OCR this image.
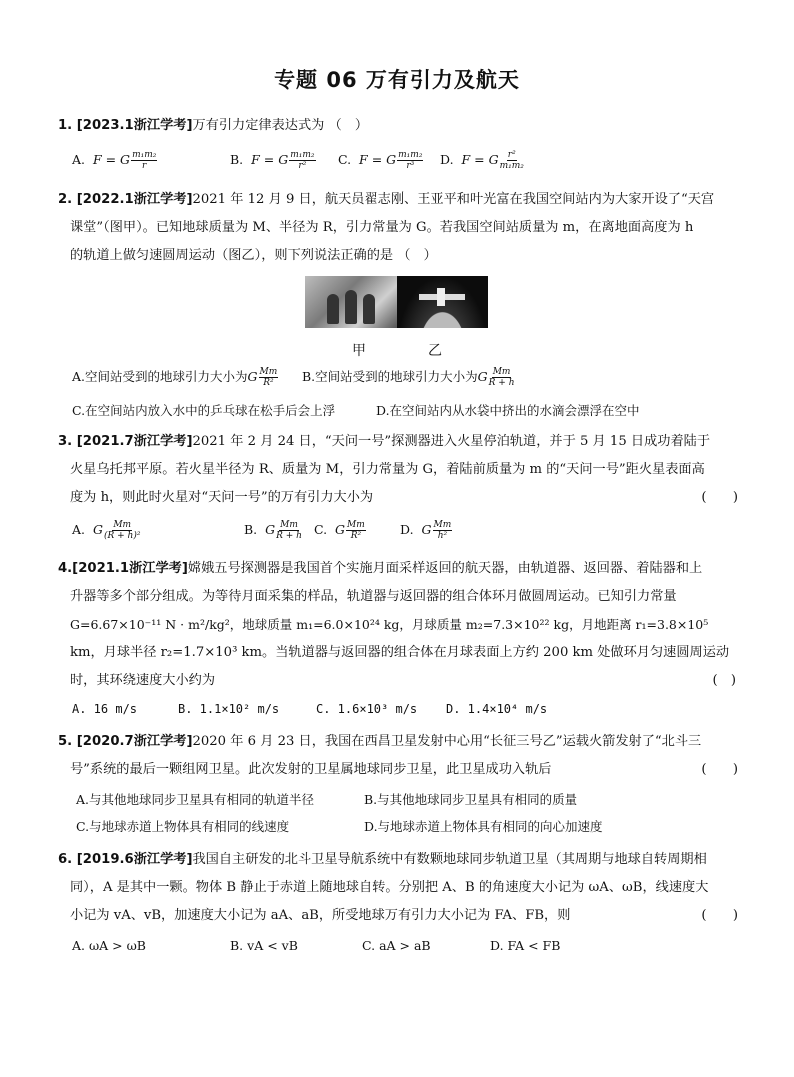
专题 06 万有引力及航天
1. [2023.1浙江学考]万有引力定律表达式为 （　）
A. F = G $\frac{\text{m₁m₂}}{r}$	B. F = G $\frac{\text{m₁m₂}}{\text{r²}} C$. F = G $\frac{\text{m₁m₂}}{\text{r³}} D$. F = G $\frac{\text{r²}}{\text{m₁m₂}}$
2. [2022.1浙江学考]2021 年 12 月 9 日，航天员翟志刚、王亚平和叶光富在我国空间站内为大家开设了“天宫
课堂”（图甲）。已知地球质量为 M、半径为 R，引力常量为 G。若我国空间站质量为 m，在离地面高度为 h
的轨道上做匀速圆周运动（图乙），则下列说法正确的是 （　）
甲	乙
A.空间站受到的地球引力大小为G $\frac{Mm}{\text{R²}} B$.空间站受到的地球引力大小为G $\frac{Mm}{R + h}$
C.在空间站内放入水中的乒乓球在松手后会上浮	D.在空间站内从水袋中挤出的水滴会漂浮在空中
3. [2021.7浙江学考]2021 年 2 月 24 日，“天问一号”探测器进入火星停泊轨道，并于 5 月 15 日成功着陆于
火星乌托邦平原。若火星半径为 R、质量为 M，引力常量为 G，着陆前质量为 m 的“天问一号”距火星表面高
度为 h，则此时火星对“天问一号”的万有引力大小为	(　　)
A. G $\frac{Mm}{\text{(R + h)²}}$	B. G $\frac{Mm}{R + h} C$. G $\frac{Mm}{\text{R²}}$	D. G $\frac{Mm}{\text{h²}}$
4.[2021.1浙江学考]嫦娥五号探测器是我国首个实施月面采样返回的航天器，由轨道器、返回器、着陆器和上
升器等多个部分组成。为等待月面采集的样品，轨道器与返回器的组合体环月做圆周运动。已知引力常量
G=6.67×10⁻¹¹ N · m²/kg²，地球质量 m₁=6.0×10²⁴ kg，月球质量 m₂=7.3×10²² kg，月地距离 r₁=3.8×10⁵
km，月球半径 r₂=1.7×10³ km。当轨道器与返回器的组合体在月球表面上方约 200 km 处做环月匀速圆周运动
时，其环绕速度大小约为	(　)
A. 16 m/s	B. 1.1×10² m/s	C. 1.6×10³ m/s D. 1.4×10⁴ m/s
5. [2020.7浙江学考]2020 年 6 月 23 日，我国在西昌卫星发射中心用“长征三号乙”运载火箭发射了“北斗三
号”系统的最后一颗组网卫星。此次发射的卫星属地球同步卫星，此卫星成功入轨后	(　　)
A.与其他地球同步卫星具有相同的轨道半径	B.与其他地球同步卫星具有相同的质量
C.与地球赤道上物体具有相同的线速度	D.与地球赤道上物体具有相同的向心加速度
6. [2019.6浙江学考]我国自主研发的北斗卫星导航系统中有数颗地球同步轨道卫星（其周期与地球自转周期相
同），A 是其中一颗。物体 B 静止于赤道上随地球自转。分别把 A、B 的角速度大小记为 ωA、ωB，线速度大
小记为 vA、vB，加速度大小记为 aA、aB，所受地球万有引力大小记为 FA、FB，则	(　　)
A. ωA > ωB	B. vA < vB	C. aA > aB	D. FA < FB
